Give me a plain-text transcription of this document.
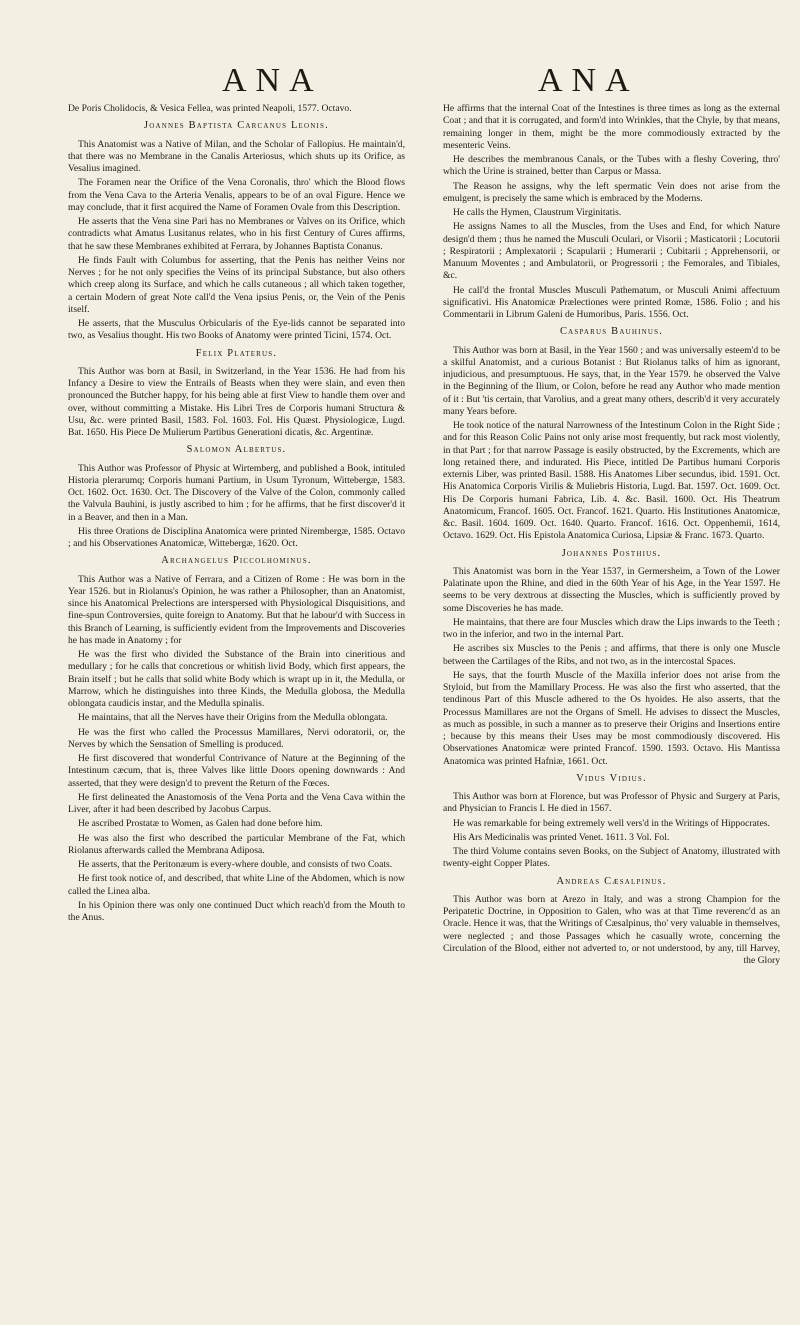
ANA	ANA

De Poris Cholidocis, & Vesica Fellea, was printed Neapoli, 1577. Octavo.

Joannes Baptista Carcanus Leonis.

This Anatomist was a Native of Milan, and the Scholar of Fallopius. He maintain'd, that there was no Membrane in the Canalis Arteriosus, which shuts up its Orifice, as Vesalius imagined.

The Foramen near the Orifice of the Vena Coronalis, thro' which the Blood flows from the Vena Cava to the Arteria Venalis, appears to be of an oval Figure. Hence we may conclude, that it first acquired the Name of Foramen Ovale from this Description.

He asserts that the Vena sine Pari has no Membranes or Valves on its Orifice, which contradicts what Amatus Lusitanus relates, who in his first Century of Cures affirms, that he saw these Membranes exhibited at Ferrara, by Johannes Baptista Conanus.

He finds Fault with Columbus for asserting, that the Penis has neither Veins nor Nerves ; for he not only specifies the Veins of its principal Substance, but also others which creep along its Surface, and which he calls cutaneous ; all which taken together, a certain Modern of great Note call'd the Vena ipsius Penis, or, the Vein of the Penis itself.

He asserts, that the Musculus Orbicularis of the Eye-lids cannot be separated into two, as Vesalius thought. His two Books of Anatomy were printed Ticini, 1574. Oct.

Felix Platerus.

This Author was born at Basil, in Switzerland, in the Year 1536. He had from his Infancy a Desire to view the Entrails of Beasts when they were slain, and even then pronounced the Butcher happy, for his being able at first View to handle them over and over, without committing a Mistake. His Libri Tres de Corporis humani Structura & Usu, &c. were printed Basil, 1583. Fol. 1603. Fol. His Quæst. Physiologicæ, Lugd. Bat. 1650. His Piece De Mulierum Partibus Generationi dicatis, &c. Argentinæ.

Salomon Albertus.

This Author was Professor of Physic at Wirtemberg, and published a Book, intituled Historia plerarumq; Corporis humani Partium, in Usum Tyronum, Wittebergæ, 1583. Oct. 1602. Oct. 1630. Oct. The Discovery of the Valve of the Colon, commonly called the Valvula Bauhini, is justly ascribed to him ; for he affirms, that he first discover'd it in a Beaver, and then in a Man.

His three Orations de Disciplina Anatomica were printed Nirembergæ, 1585. Octavo ; and his Observationes Anatomicæ, Wittebergæ, 1620. Oct.

Archangelus Piccolhominus.

This Author was a Native of Ferrara, and a Citizen of Rome : He was born in the Year 1526. but in Riolanus's Opinion, he was rather a Philosopher, than an Anatomist, since his Anatomical Prelections are interspersed with Physiological Disquisitions, and fine-spun Controversies, quite foreign to Anatomy. But that he labour'd with Success in this Branch of Learning, is sufficiently evident from the Improvements and Discoveries he has made in Anatomy ; for

He was the first who divided the Substance of the Brain into cineritious and medullary ; for he calls that concretious or whitish livid Body, which first appears, the Brain itself ; but he calls that solid white Body which is wrapt up in it, the Medulla, or Marrow, which he distinguishes into three Kinds, the Medulla globosa, the Medulla oblongata caudicis instar, and the Medulla spinalis.

He maintains, that all the Nerves have their Origins from the Medulla oblongata.

He was the first who called the Processus Mamillares, Nervi odoratorii, or, the Nerves by which the Sensation of Smelling is produced.

He first discovered that wonderful Contrivance of Nature at the Beginning of the Intestinum cæcum, that is, three Valves like little Doors opening downwards : And asserted, that they were design'd to prevent the Return of the Fœces.

He first delineated the Anastomosis of the Vena Porta and the Vena Cava within the Liver, after it had been described by Jacobus Carpus.

He ascribed Prostatæ to Women, as Galen had done before him.

He was also the first who described the particular Membrane of the Fat, which Riolanus afterwards called the Membrana Adiposa.

He asserts, that the Peritonæum is every-where double, and consists of two Coats.

He first took notice of, and described, that white Line of the Abdomen, which is now called the Linea alba.

In his Opinion there was only one continued Duct which reach'd from the Mouth to the Anus.

He affirms that the internal Coat of the Intestines is three times as long as the external Coat ; and that it is corrugated, and form'd into Wrinkles, that the Chyle, by that means, remaining longer in them, might be the more commodiously extracted by the mesenteric Veins.

He describes the membranous Canals, or the Tubes with a fleshy Covering, thro' which the Urine is strained, better than Carpus or Massa.

The Reason he assigns, why the left spermatic Vein does not arise from the emulgent, is precisely the same which is embraced by the Moderns.

He calls the Hymen, Claustrum Virginitatis.

He assigns Names to all the Muscles, from the Uses and End, for which Nature design'd them ; thus he named the Musculi Oculari, or Visorii ; Masticatorii ; Locutorii ; Respiratorii ; Amplexatorii ; Scapularii ; Humerarii ; Cubitarii ; Apprehensorii, or Manuum Moventes ; and Ambulatorii, or Progressorii ; the Femorales, and Tibiales, &c.

He call'd the frontal Muscles Musculi Pathematum, or Musculi Animi affectuum significativi. His Anatomicæ Prælectiones were printed Romæ, 1586. Folio ; and his Commentarii in Librum Galeni de Humoribus, Paris. 1556. Oct.

Casparus Bauhinus.

This Author was born at Basil, in the Year 1560 ; and was universally esteem'd to be a skilful Anatomist, and a curious Botanist : But Riolanus talks of him as ignorant, injudicious, and presumptuous. He says, that, in the Year 1579. he observed the Valve in the Beginning of the Ilium, or Colon, before he read any Author who made mention of it : But 'tis certain, that Varolius, and a great many others, describ'd it very accurately many Years before.

He took notice of the natural Narrowness of the Intestinum Colon in the Right Side ; and for this Reason Colic Pains not only arise most frequently, but rack most violently, in that Part ; for that narrow Passage is easily obstructed, by the Excrements, which are long retained there, and indurated. His Piece, intitled De Partibus humani Corporis externis Liber, was printed Basil. 1588. His Anatomes Liber secundus, ibid. 1591. Oct. His Anatomica Corporis Virilis & Muliebris Historia, Lugd. Bat. 1597. Oct. 1609. Oct. His De Corporis humani Fabrica, Lib. 4. &c. Basil. 1600. Oct. His Theatrum Anatomicum, Francof. 1605. Oct. Francof. 1621. Quarto. His Institutiones Anatomicæ, &c. Basil. 1604. 1609. Oct. 1640. Quarto. Francof. 1616. Oct. Oppenhemii, 1614, Octavo. 1629. Oct. His Epistola Anatomica Curiosa, Lipsiæ & Franc. 1673. Quarto.

Johannes Posthius.

This Anatomist was born in the Year 1537, in Germersheim, a Town of the Lower Palatinate upon the Rhine, and died in the 60th Year of his Age, in the Year 1597. He seems to be very dextrous at dissecting the Muscles, which is sufficiently proved by some Discoveries he has made.

He maintains, that there are four Muscles which draw the Lips inwards to the Teeth ; two in the inferior, and two in the internal Part.

He ascribes six Muscles to the Penis ; and affirms, that there is only one Muscle between the Cartilages of the Ribs, and not two, as in the intercostal Spaces.

He says, that the fourth Muscle of the Maxilla inferior does not arise from the Styloid, but from the Mamillary Process. He was also the first who asserted, that the tendinous Part of this Muscle adhered to the Os hyoides. He also asserts, that the Processus Mamillares are not the Organs of Smell. He advises to dissect the Muscles, as much as possible, in such a manner as to preserve their Origins and Insertions entire ; because by this means their Uses may be most commodiously discovered. His Observationes Anatomicæ were printed Francof. 1590. 1593. Octavo. His Mantissa Anatomica was printed Hafniæ, 1661. Oct.

Vidus Vidius.

This Author was born at Florence, but was Professor of Physic and Surgery at Paris, and Physician to Francis I. He died in 1567.

He was remarkable for being extremely well vers'd in the Writings of Hippocrates.

His Ars Medicinalis was printed Venet. 1611. 3 Vol. Fol.

The third Volume contains seven Books, on the Subject of Anatomy, illustrated with twenty-eight Copper Plates.

Andreas Cæsalpinus.

This Author was born at Arezo in Italy, and was a strong Champion for the Peripatetic Doctrine, in Opposition to Galen, who was at that Time reverenc'd as an Oracle. Hence it was, that the Writings of Cæsalpinus, tho' very valuable in themselves, were neglected ; and those Passages which he casually wrote, concerning the Circulation of the Blood, either not adverted to, or not understood, by any, till Harvey, the Glory
